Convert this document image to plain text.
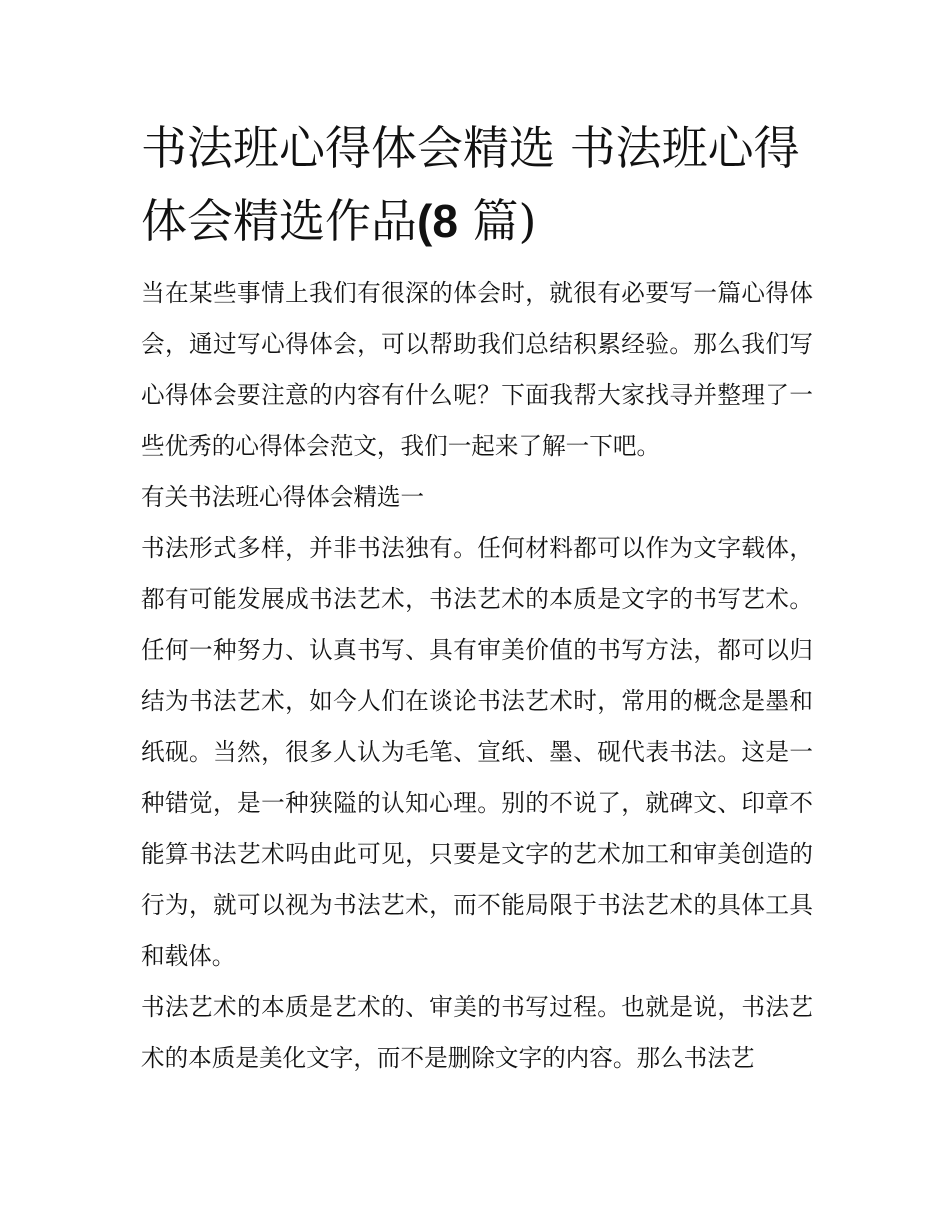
书法班心得体会精选 书法班心得体会精选作品(8 篇)

当在某些事情上我们有很深的体会时，就很有必要写一篇心得体会，通过写心得体会，可以帮助我们总结积累经验。那么我们写心得体会要注意的内容有什么呢？下面我帮大家找寻并整理了一些优秀的心得体会范文，我们一起来了解一下吧。

有关书法班心得体会精选一

书法形式多样，并非书法独有。任何材料都可以作为文字载体，都有可能发展成书法艺术，书法艺术的本质是文字的书写艺术。任何一种努力、认真书写、具有审美价值的书写方法，都可以归结为书法艺术，如今人们在谈论书法艺术时，常用的概念是墨和纸砚。当然，很多人认为毛笔、宣纸、墨、砚代表书法。这是一种错觉，是一种狭隘的认知心理。别的不说了，就碑文、印章不能算书法艺术吗由此可见，只要是文字的艺术加工和审美创造的行为，就可以视为书法艺术，而不能局限于书法艺术的具体工具和载体。

书法艺术的本质是艺术的、审美的书写过程。也就是说，书法艺术的本质是美化文字，而不是删除文字的内容。那么书法艺
